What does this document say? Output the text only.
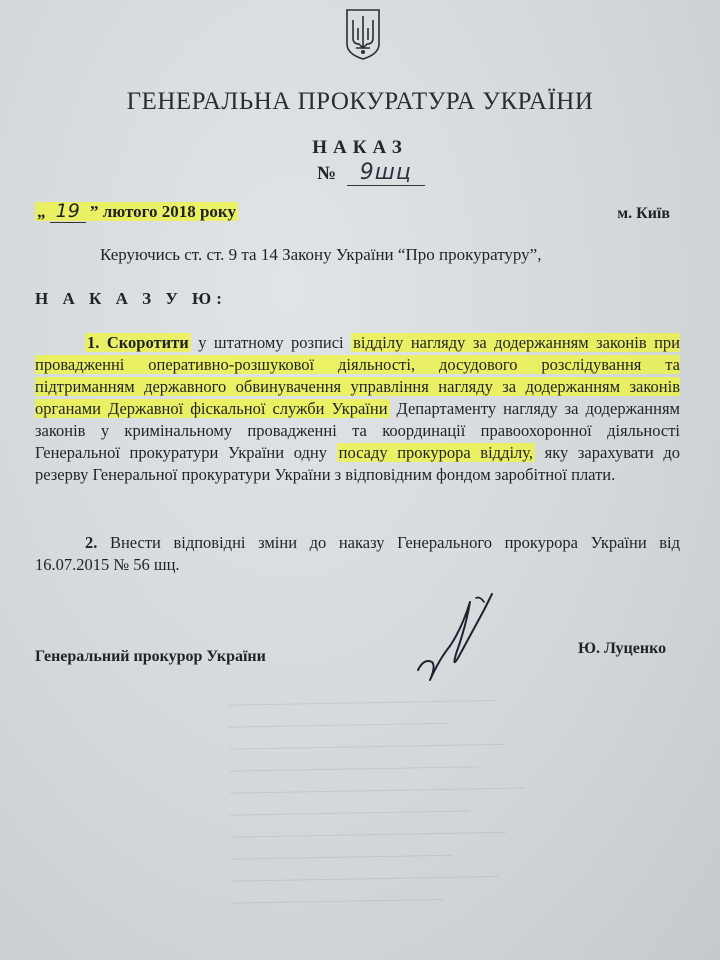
─────────────────────────────
────────────────────────
──────────────────────────────
───────────────────────────
────────────────────────────────
──────────────────────────
──────────────────────────────
────────────────────────
─────────────────────────────
───────────────────────
ГЕНЕРАЛЬНА ПРОКУРАТУРА УКРАЇНИ
НАКАЗ
№ 9шц
„ 19 ” лютого 2018 року	м. Київ
Керуючись ст. ст. 9 та 14 Закону України “Про прокуратуру”,
Н А К А З У Ю:
1. Скоротити у штатному розписі відділу нагляду за додержанням законів при провадженні оперативно-розшукової діяльності, досудового розслідування та підтриманням державного обвинувачення управління нагляду за додержанням законів органами Державної фіскальної служби України Департаменту нагляду за додержанням законів у кримінальному провадженні та координації правоохоронної діяльності Генеральної прокуратури України одну посаду прокурора відділу, яку зарахувати до резерву Генеральної прокуратури України з відповідним фондом заробітної плати.
2. Внести відповідні зміни до наказу Генерального прокурора України від 16.07.2015 № 56 шц.
Генеральний прокурор України	Ю. Луценко
